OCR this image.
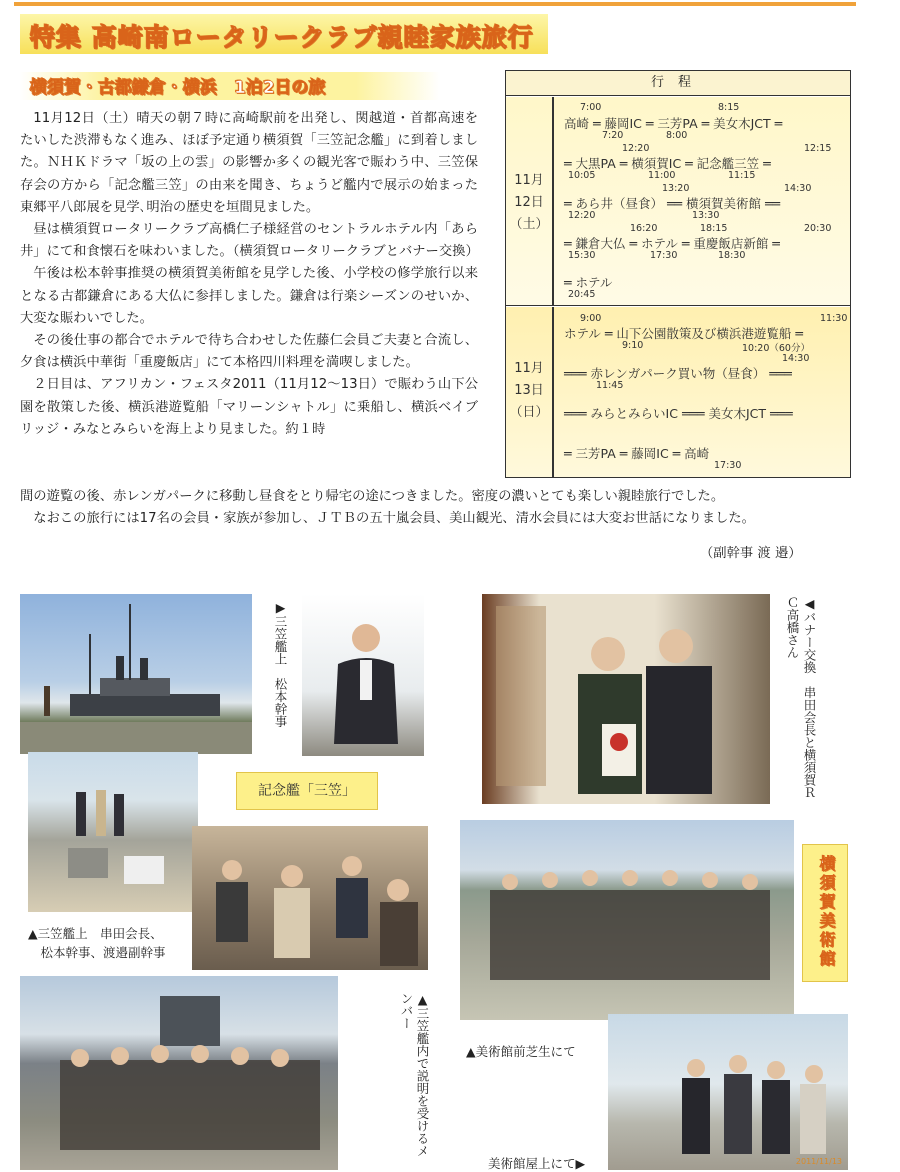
特集 高崎南ロータリークラブ親睦家族旅行
横須賀・古都鎌倉・横浜　1泊2日の旅

11月12日（土）晴天の朝７時に高崎駅前を出発し、関越道・首都高速をたいした渋滞もなく進み、ほぼ予定通り横須賀「三笠記念艦」に到着しました。ＮＨＫドラマ「坂の上の雲」の影響か多くの観光客で賑わう中、三笠保存会の方から「記念艦三笠」の由来を聞き、ちょうど艦内で展示の始まった東郷平八郎展を見学､明治の歴史を垣間見ました。

昼は横須賀ロータリークラブ高橋仁子様経営のセントラルホテル内「あら井」にて和食懐石を味わいました。（横須賀ロータリークラブとバナー交換）

午後は松本幹事推奨の横須賀美術館を見学した後、小学校の修学旅行以来となる古都鎌倉にある大仏に参拝しました。鎌倉は行楽シーズンのせいか、大変な賑わいでした。

その後仕事の都合でホテルで待ち合わせした佐藤仁会員ご夫妻と合流し、夕食は横浜中華街「重慶飯店」にて本格四川料理を満喫しました。

２日目は、アフリカン・フェスタ2011（11月12～13日）で賑わう山下公園を散策した後、横浜港遊覧船「マリーンシャトル」に乗船し、横浜ベイブリッジ・みなとみらいを海上より見ました。約１時

間の遊覧の後、赤レンガパークに移動し昼食をとり帰宅の途につきました。密度の濃いとても楽しい親睦旅行でした。

なおこの旅行には17名の会員・家族が参加し、ＪＴＢの五十嵐会員、美山観光、清水会員には大変お世話になりました。

（副幹事 渡 邉）
行程
11月
12日
（土）
7:00	8:15
高崎 ═ 藤岡IC ═ 三芳PA ═ 美女木JCT ═
7:20	8:00
12:20	12:15
═ 大黒PA ═ 横須賀IC ═ 記念艦三笠 ═
10:05	11:00	11:15
13:20	14:30
═ あら井（昼食） ══ 横須賀美術館 ══
12:20	13:30
16:20	18:15	20:30
═ 鎌倉大仏 ═ ホテル ═ 重慶飯店新館 ═
15:30	17:30	18:30
═ ホテル
20:45
11月
13日
（日）
9:00	11:30
ホテル ═ 山下公園散策及び横浜港遊覧船 ═
9:10	10:20（60分）
14:30
═══ 赤レンガパーク買い物（昼食） ═══
11:45
═══ みらとみらいIC ═══ 美女木JCT ═══
═ 三芳PA ═ 藤岡IC ═ 高崎
17:30
▶三笠艦上　松本幹事
記念艦「三笠」
▲三笠艦上　串田会長、
　松本幹事、渡邉副幹事
▲三笠艦内で説明を受けるメンバー
◀バナー交換　串田会長と横須賀ＲＣ高橋さん
横須賀美術館
▲美術館前芝生にて
2011/11/13
美術館屋上にて▶
